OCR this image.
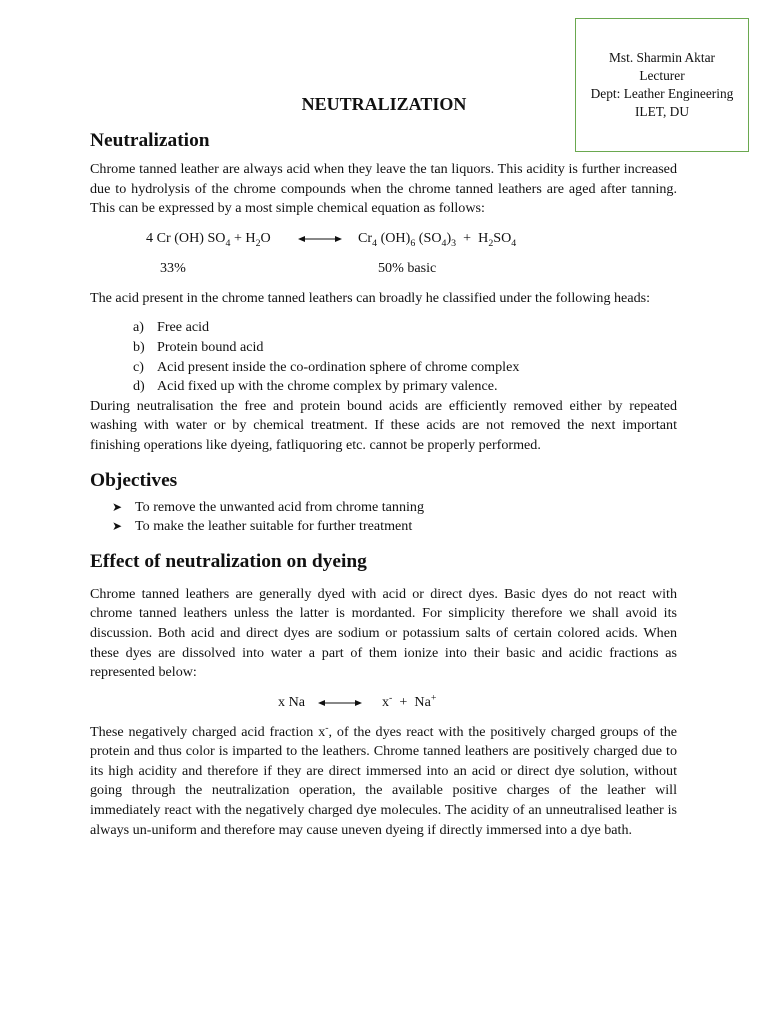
Mst. Sharmin Aktar
Lecturer
Dept: Leather Engineering
ILET, DU
NEUTRALIZATION
Neutralization

Chrome tanned leather are always acid when they leave the tan liquors. This acidity is further increased due to hydrolysis of the chrome compounds when the chrome tanned leathers are aged after tanning. This can be expressed by a most simple chemical equation as follows:

4 Cr (OH) $SO_4 + H_2O$	$Cr_4$ $(OH)_6$ $(SO_4)_3 + H_2SO_4$
33%	50% basic

The acid present in the chrome tanned leathers can broadly he classified under the following heads:

a) Free acid
b) Protein bound acid
c) Acid present inside the co-ordination sphere of chrome complex
d) Acid fixed up with the chrome complex by primary valence.

During neutralisation the free and protein bound acids are efficiently removed either by repeated washing with water or by chemical treatment. If these acids are not removed the next important finishing operations like dyeing, fatliquoring etc. cannot be properly performed.

Objectives
➤ To remove the unwanted acid from chrome tanning
➤ To make the leather suitable for further treatment
Effect of neutralization on dyeing

Chrome tanned leathers are generally dyed with acid or direct dyes. Basic dyes do not react with chrome tanned leathers unless the latter is mordanted. For simplicity therefore we shall avoid its discussion. Both acid and direct dyes are sodium or potassium salts of certain colored acids. When these dyes are dissolved into water a part of them ionize into their basic and acidic fractions as represented below:

x Na	x- + Na+

These negatively charged acid fraction x-, of the dyes react with the positively charged groups of the protein and thus color is imparted to the leathers. Chrome tanned leathers are positively charged due to its high acidity and therefore if they are direct immersed into an acid or direct dye solution, without going through the neutralization operation, the available positive charges of the leather will immediately react with the negatively charged dye molecules. The acidity of an unneutralised leather is always un-uniform and therefore may cause uneven dyeing if directly immersed into a dye bath.
